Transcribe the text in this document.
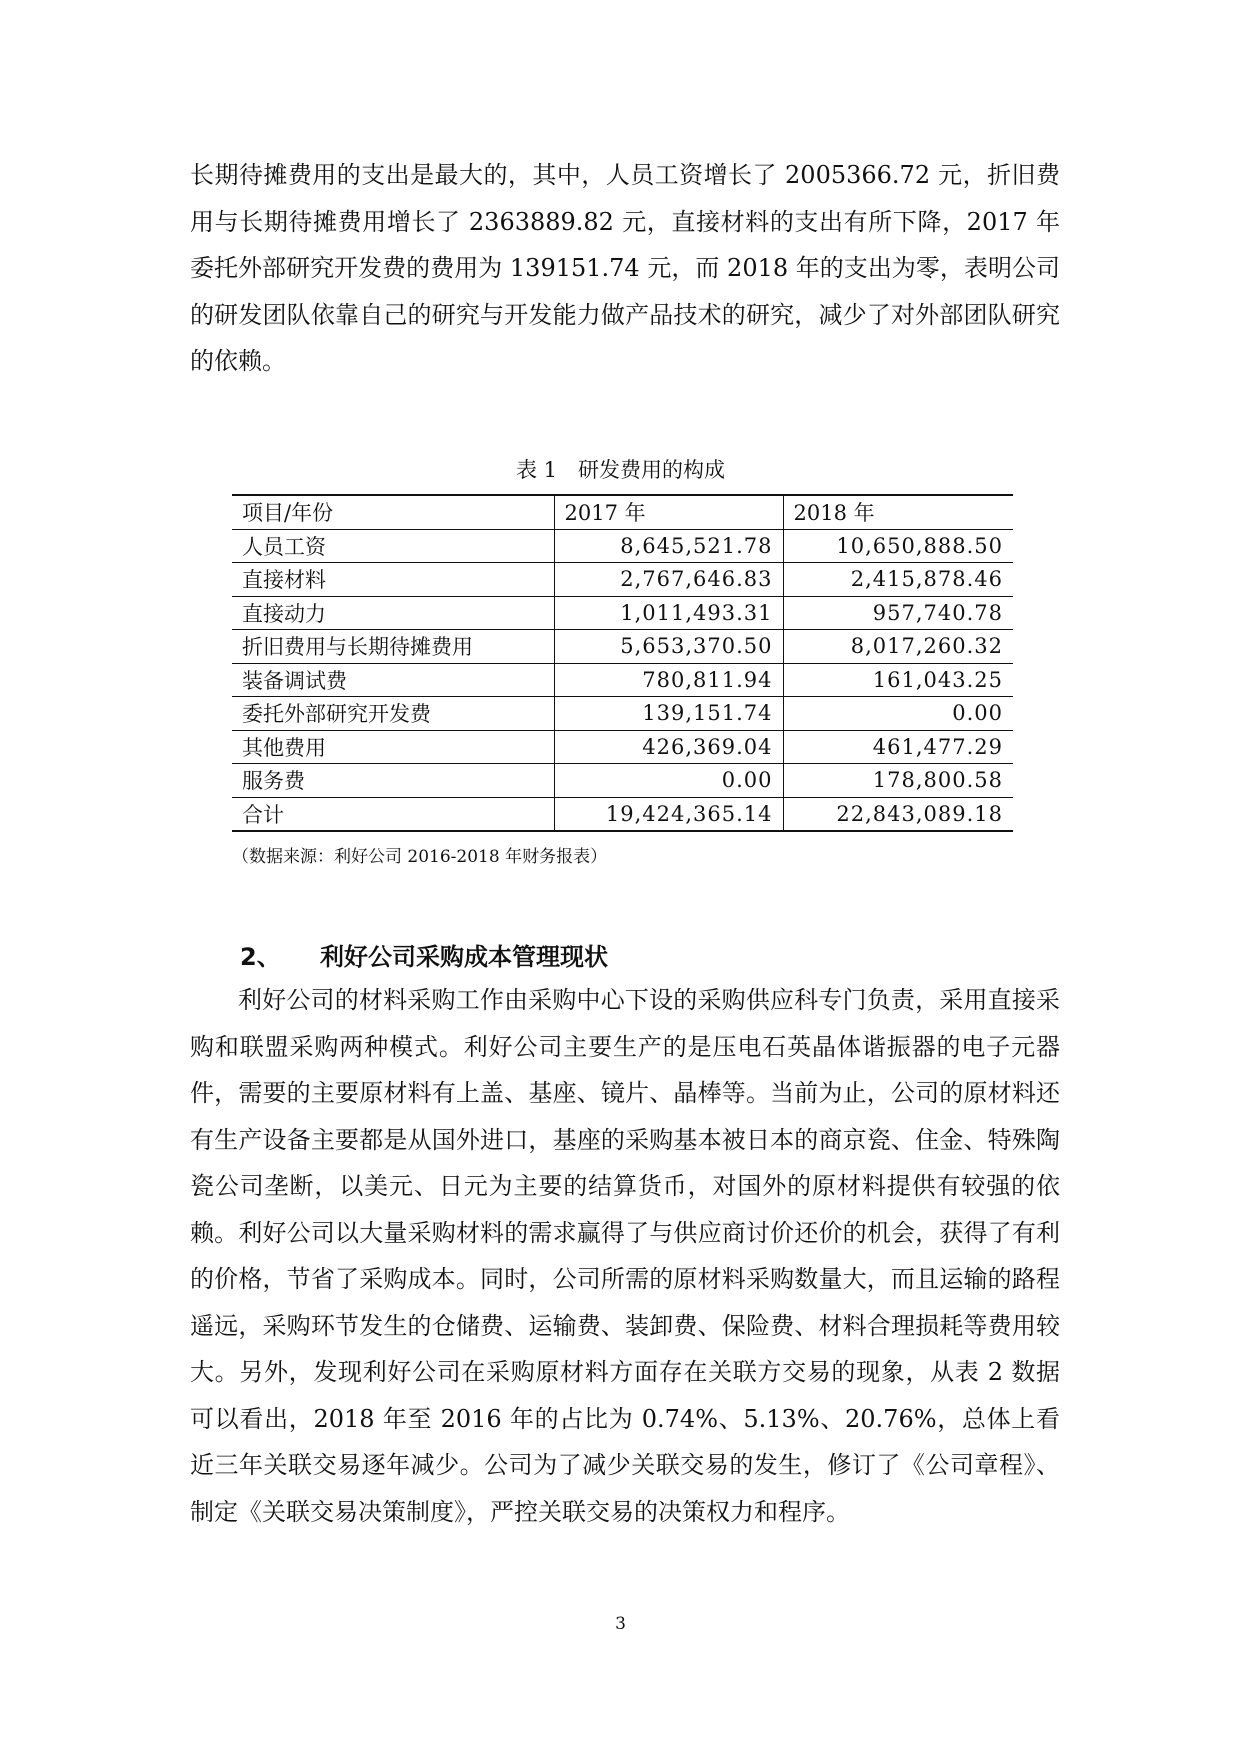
长期待摊费用的支出是最大的，其中，人员工资增长了 2005366.72 元，折旧费用与长期待摊费用增长了 2363889.82 元，直接材料的支出有所下降，2017 年委托外部研究开发费的费用为 139151.74 元，而 2018 年的支出为零，表明公司的研发团队依靠自己的研究与开发能力做产品技术的研究，减少了对外部团队研究的依赖。

表 1　研发费用的构成
项目/年份	2017 年	2018 年
人员工资	8,645,521.78	10,650,888.50
直接材料	2,767,646.83	2,415,878.46
直接动力	1,011,493.31	957,740.78
折旧费用与长期待摊费用	5,653,370.50	8,017,260.32
装备调试费	780,811.94	161,043.25
委托外部研究开发费	139,151.74	0.00
其他费用	426,369.04	461,477.29
服务费	0.00	178,800.58
合计	19,424,365.14	22,843,089.18
（数据来源：利好公司 2016-2018 年财务报表）
2、 利好公司采购成本管理现状

利好公司的材料采购工作由采购中心下设的采购供应科专门负责，采用直接采购和联盟采购两种模式。利好公司主要生产的是压电石英晶体谐振器的电子元器件，需要的主要原材料有上盖、基座、镜片、晶棒等。当前为止，公司的原材料还有生产设备主要都是从国外进口，基座的采购基本被日本的商京瓷、住金、特殊陶瓷公司垄断，以美元、日元为主要的结算货币，对国外的原材料提供有较强的依赖。利好公司以大量采购材料的需求赢得了与供应商讨价还价的机会，获得了有利的价格，节省了采购成本。同时，公司所需的原材料采购数量大，而且运输的路程遥远，采购环节发生的仓储费、运输费、装卸费、保险费、材料合理损耗等费用较大。另外，发现利好公司在采购原材料方面存在关联方交易的现象，从表 2 数据可以看出，2018 年至 2016 年的占比为 0.74%、5.13%、20.76%，总体上看近三年关联交易逐年减少。公司为了减少关联交易的发生，修订了《公司章程》、制定《关联交易决策制度》，严控关联交易的决策权力和程序。

3
